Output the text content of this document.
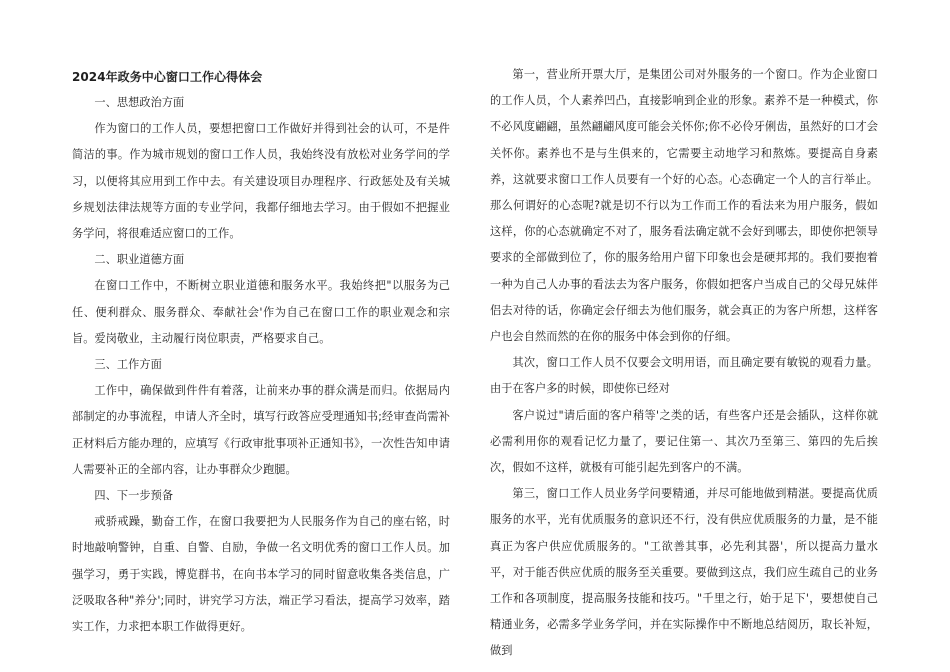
2024年政务中心窗口工作心得体会

一、思想政治方面

作为窗口的工作人员，要想把窗口工作做好并得到社会的认可，不是件简洁的事。作为城市规划的窗口工作人员，我始终没有放松对业务学问的学习，以便将其应用到工作中去。有关建设项目办理程序、行政惩处及有关城乡规划法律法规等方面的专业学问，我都仔细地去学习。由于假如不把握业务学问，将很难适应窗口的工作。

二、职业道德方面

在窗口工作中，不断树立职业道德和服务水平。我始终把"以服务为己任、便利群众、服务群众、奉献社会'作为自己在窗口工作的职业观念和宗旨。爱岗敬业，主动履行岗位职责，严格要求自己。

三、工作方面

工作中，确保做到件件有着落，让前来办事的群众满是而归。依据局内部制定的办事流程，申请人齐全时，填写行政答应受理通知书;经审查尚需补正材料后方能办理的，应填写《行政审批事项补正通知书》，一次性告知申请人需要补正的全部内容，让办事群众少跑腿。

四、下一步预备

戒骄戒躁，勤奋工作，在窗口我要把为人民服务作为自己的座右铭，时时地敲响警钟，自重、自警、自励，争做一名文明优秀的窗口工作人员。加强学习，勇于实践，博览群书，在向书本学习的同时留意收集各类信息，广泛吸取各种"养分';同时，讲究学习方法，端正学习看法，提高学习效率，踏实工作，力求把本职工作做得更好。

第一，营业所开票大厅，是集团公司对外服务的一个窗口。作为企业窗口的工作人员，个人素养凹凸，直接影响到企业的形象。素养不是一种模式，你不必风度翩翩，虽然翩翩风度可能会关怀你;你不必伶牙俐齿，虽然好的口才会关怀你。素养也不是与生俱来的，它需要主动地学习和熬炼。要提高自身素养，这就要求窗口工作人员要有一个好的心态。心态确定一个人的言行举止。那么何谓好的心态呢?就是切不行以为工作而工作的看法来为用户服务，假如这样，你的心态就确定不对了，服务看法确定就不会好到哪去，即使你把领导要求的全部做到位了，你的服务给用户留下印象也会是硬邦邦的。我们要抱着一种为自己人办事的看法去为客户服务，你假如把客户当成自己的父母兄妹伴侣去对待的话，你确定会仔细去为他们服务，就会真正的为客户所想，这样客户也会自然而然的在你的服务中体会到你的仔细。

其次，窗口工作人员不仅要会文明用语，而且确定要有敏锐的观看力量。由于在客户多的时候，即使你已经对

客户说过"请后面的客户稍等'之类的话，有些客户还是会插队，这样你就必需利用你的观看记忆力量了，要记住第一、其次乃至第三、第四的先后挨次，假如不这样，就极有可能引起先到客户的不满。

第三，窗口工作人员业务学问要精通，并尽可能地做到精湛。要提高优质服务的水平，光有优质服务的意识还不行，没有供应优质服务的力量，是不能真正为客户供应优质服务的。"工欲善其事，必先利其器'，所以提高力量水平，对于能否供应优质的服务至关重要。要做到这点，我们应生疏自己的业务工作和各项制度，提高服务技能和技巧。"千里之行，始于足下'，要想使自己精通业务，必需多学业务学问，并在实际操作中不断地总结阅历，取长补短，做到
